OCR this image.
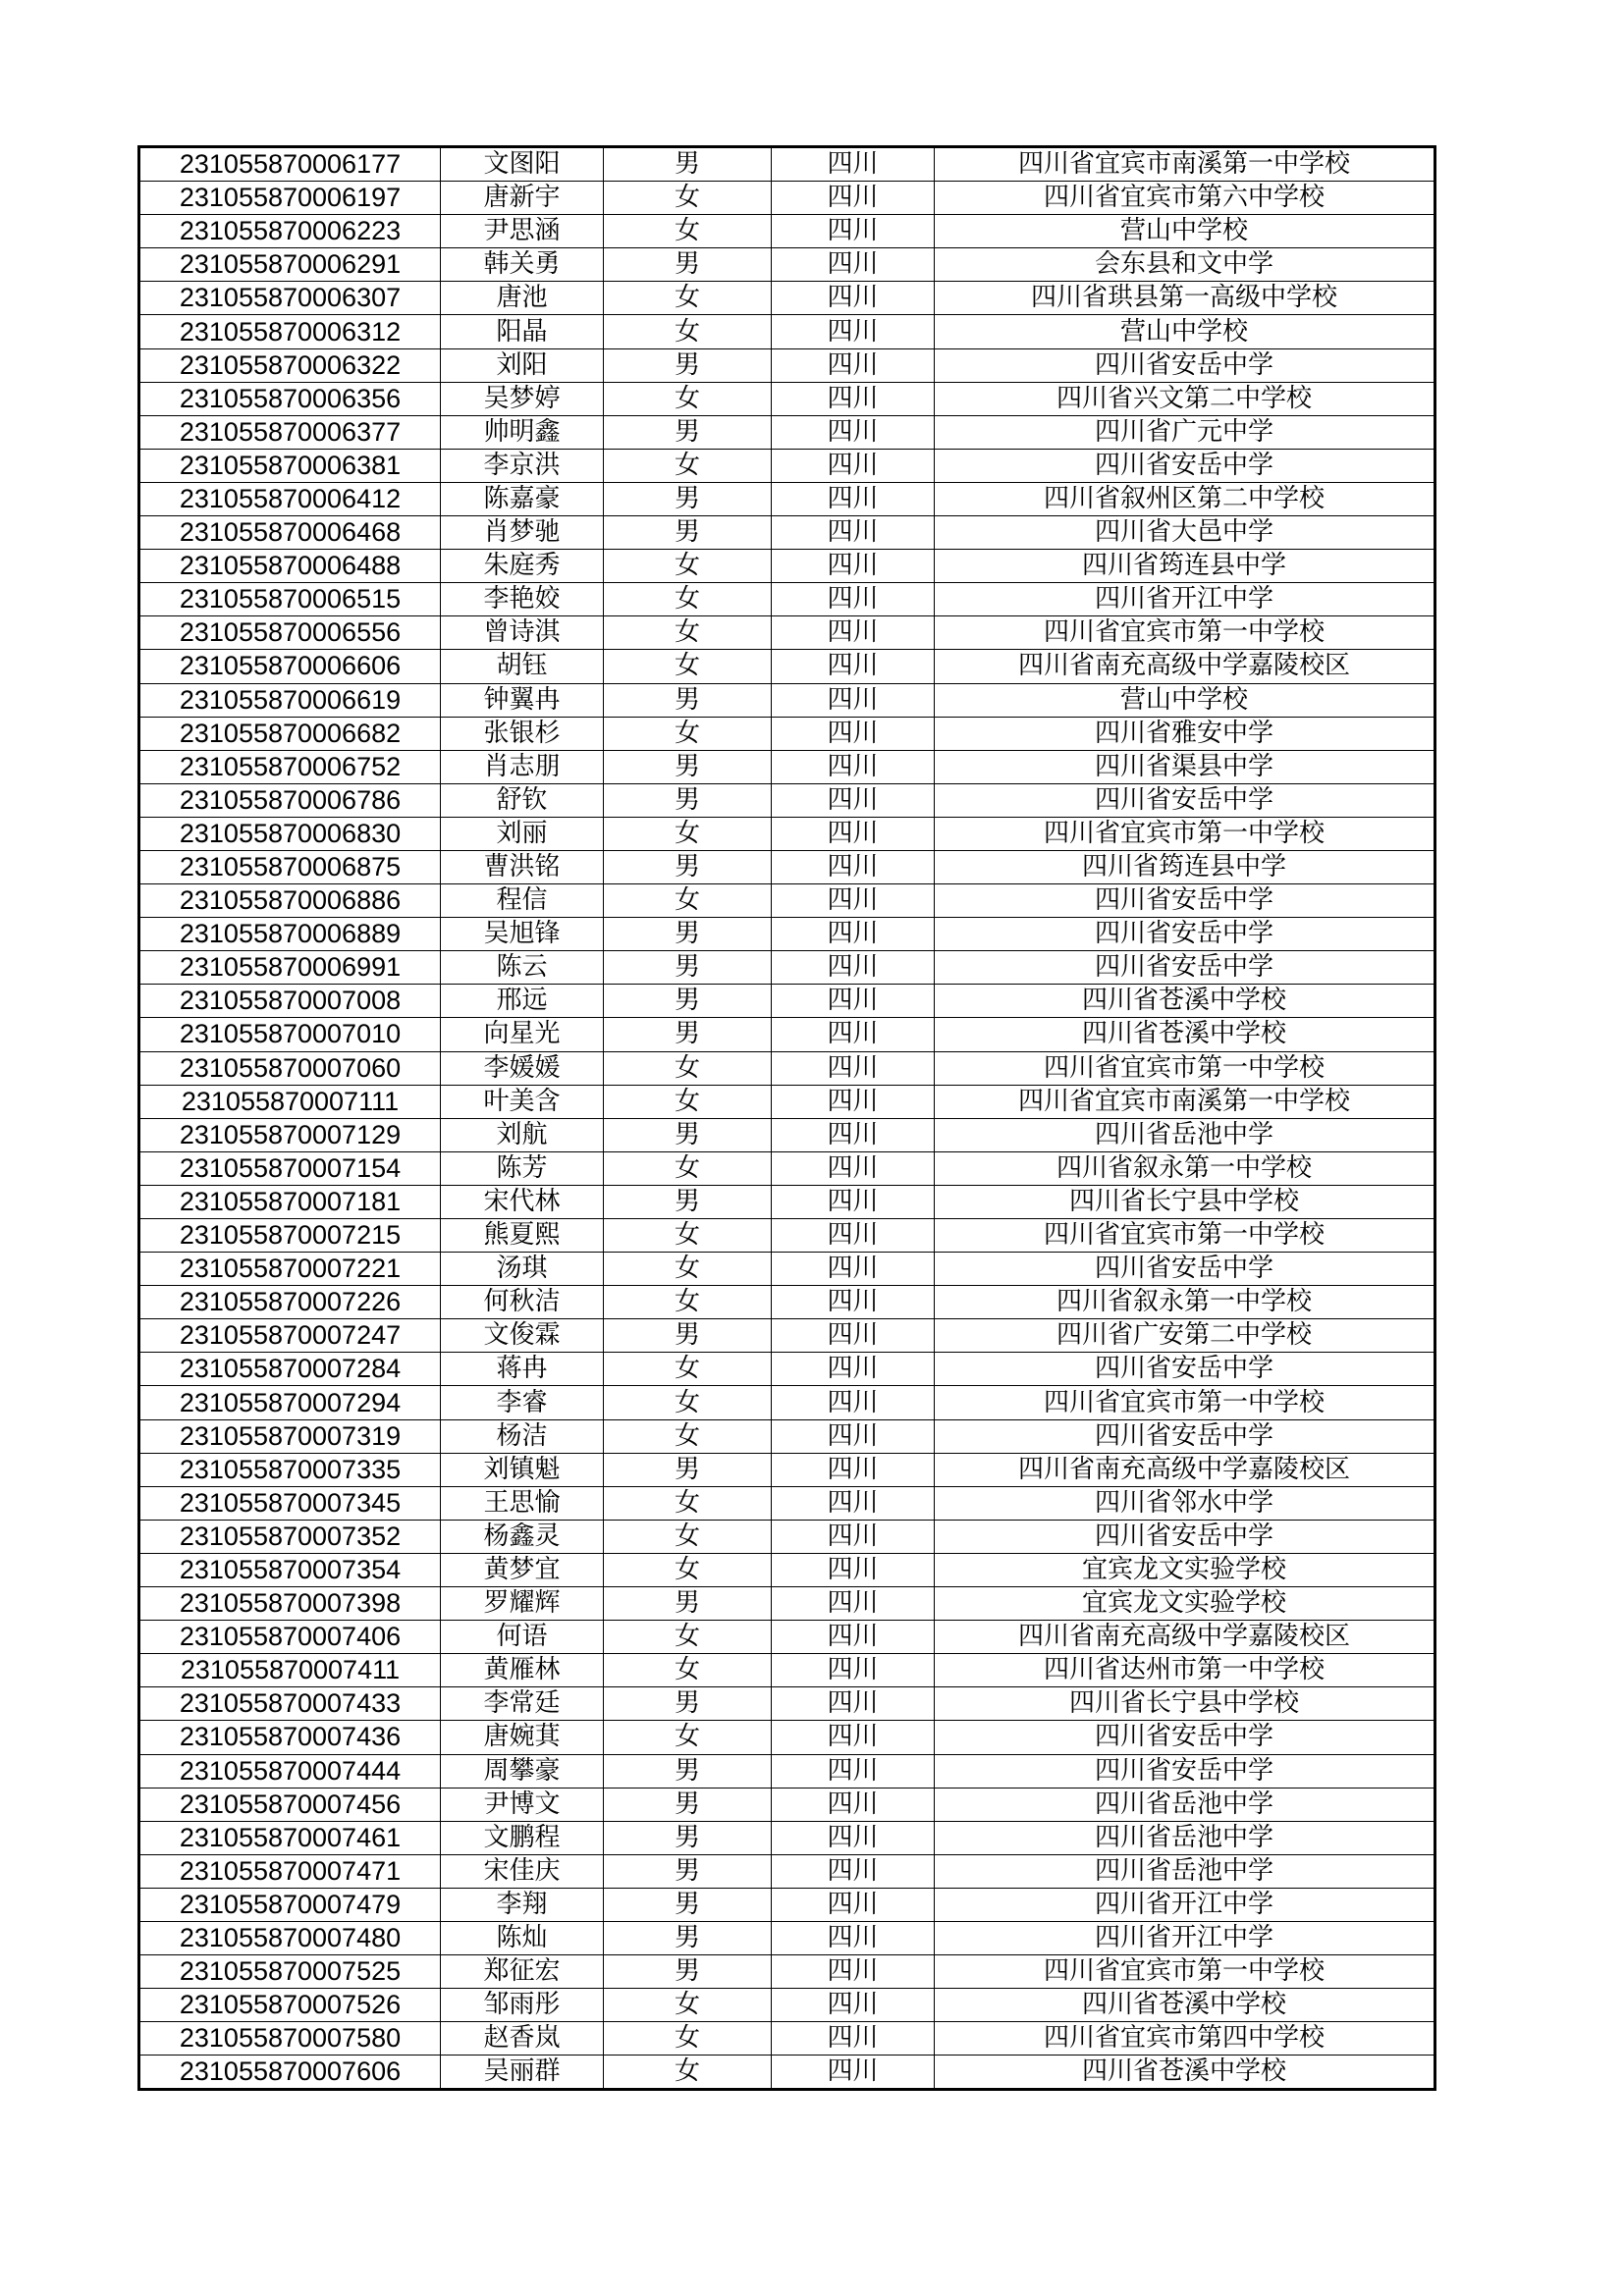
231055870006177	文图阳	男	四川	四川省宜宾市南溪第一中学校
231055870006197	唐新宇	女	四川	四川省宜宾市第六中学校
231055870006223	尹思涵	女	四川	营山中学校
231055870006291	韩关勇	男	四川	会东县和文中学
231055870006307	唐池	女	四川	四川省珙县第一高级中学校
231055870006312	阳晶	女	四川	营山中学校
231055870006322	刘阳	男	四川	四川省安岳中学
231055870006356	吴梦婷	女	四川	四川省兴文第二中学校
231055870006377	帅明鑫	男	四川	四川省广元中学
231055870006381	李京洪	女	四川	四川省安岳中学
231055870006412	陈嘉豪	男	四川	四川省叙州区第二中学校
231055870006468	肖梦驰	男	四川	四川省大邑中学
231055870006488	朱庭秀	女	四川	四川省筠连县中学
231055870006515	李艳姣	女	四川	四川省开江中学
231055870006556	曾诗淇	女	四川	四川省宜宾市第一中学校
231055870006606	胡钰	女	四川	四川省南充高级中学嘉陵校区
231055870006619	钟翼冉	男	四川	营山中学校
231055870006682	张银杉	女	四川	四川省雅安中学
231055870006752	肖志朋	男	四川	四川省渠县中学
231055870006786	舒钦	男	四川	四川省安岳中学
231055870006830	刘丽	女	四川	四川省宜宾市第一中学校
231055870006875	曹洪铭	男	四川	四川省筠连县中学
231055870006886	程信	女	四川	四川省安岳中学
231055870006889	吴旭锋	男	四川	四川省安岳中学
231055870006991	陈云	男	四川	四川省安岳中学
231055870007008	邢远	男	四川	四川省苍溪中学校
231055870007010	向星光	男	四川	四川省苍溪中学校
231055870007060	李媛媛	女	四川	四川省宜宾市第一中学校
231055870007111	叶美含	女	四川	四川省宜宾市南溪第一中学校
231055870007129	刘航	男	四川	四川省岳池中学
231055870007154	陈芳	女	四川	四川省叙永第一中学校
231055870007181	宋代林	男	四川	四川省长宁县中学校
231055870007215	熊夏熙	女	四川	四川省宜宾市第一中学校
231055870007221	汤琪	女	四川	四川省安岳中学
231055870007226	何秋洁	女	四川	四川省叙永第一中学校
231055870007247	文俊霖	男	四川	四川省广安第二中学校
231055870007284	蒋冉	女	四川	四川省安岳中学
231055870007294	李睿	女	四川	四川省宜宾市第一中学校
231055870007319	杨洁	女	四川	四川省安岳中学
231055870007335	刘镇魁	男	四川	四川省南充高级中学嘉陵校区
231055870007345	王思愉	女	四川	四川省邻水中学
231055870007352	杨鑫灵	女	四川	四川省安岳中学
231055870007354	黄梦宜	女	四川	宜宾龙文实验学校
231055870007398	罗耀辉	男	四川	宜宾龙文实验学校
231055870007406	何语	女	四川	四川省南充高级中学嘉陵校区
231055870007411	黄雁林	女	四川	四川省达州市第一中学校
231055870007433	李常廷	男	四川	四川省长宁县中学校
231055870007436	唐婉萁	女	四川	四川省安岳中学
231055870007444	周攀豪	男	四川	四川省安岳中学
231055870007456	尹博文	男	四川	四川省岳池中学
231055870007461	文鹏程	男	四川	四川省岳池中学
231055870007471	宋佳庆	男	四川	四川省岳池中学
231055870007479	李翔	男	四川	四川省开江中学
231055870007480	陈灿	男	四川	四川省开江中学
231055870007525	郑征宏	男	四川	四川省宜宾市第一中学校
231055870007526	邹雨彤	女	四川	四川省苍溪中学校
231055870007580	赵香岚	女	四川	四川省宜宾市第四中学校
231055870007606	吴丽群	女	四川	四川省苍溪中学校
